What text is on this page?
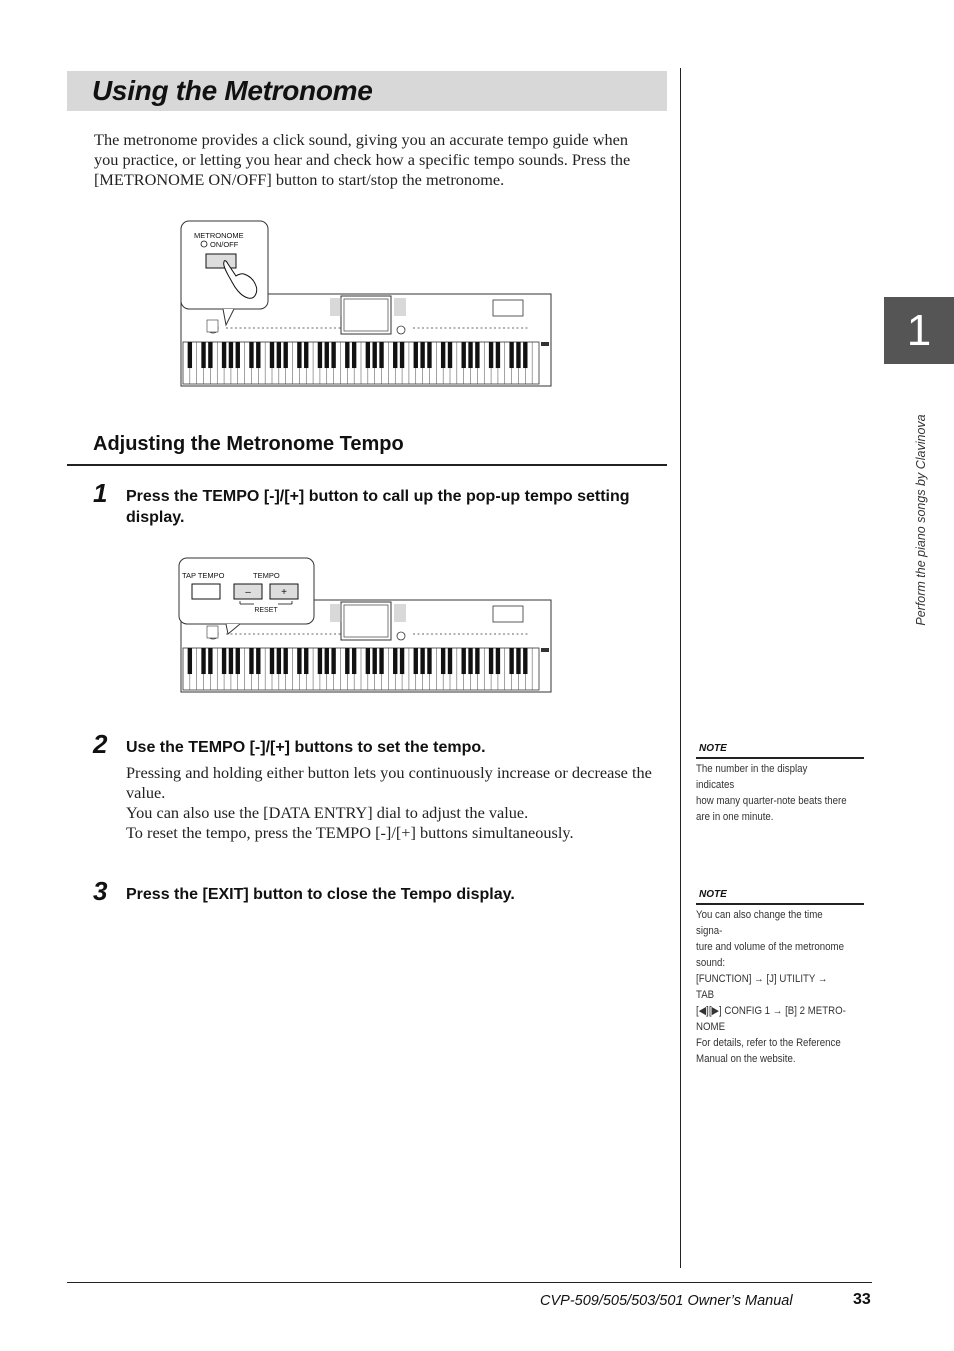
Using the Metronome
The metronome provides a click sound, giving you an accurate tempo guide when you practice, or letting you hear and check how a specific tempo sounds. Press the [METRONOME ON/OFF] button to start/stop the metronome.
METRONOME
ON/OFF
Adjusting the Metronome Tempo
1 Press the TEMPO [-]/[+] button to call up the pop-up tempo setting display.
TAP TEMPO	TEMPO
–	+
RESET
2 Use the TEMPO [-]/[+] buttons to set the tempo.
Pressing and holding either button lets you continuously increase or decrease the value.
You can also use the [DATA ENTRY] dial to adjust the value.
To reset the tempo, press the TEMPO [-]/[+] buttons simultaneously.
3 Press the [EXIT] button to close the Tempo display.
1
Perform the piano songs by Clavinova
NOTE
The number in the display indicates
how many quarter-note beats there
are in one minute.
NOTE
You can also change the time signa-
ture and volume of the metronome
sound:
[FUNCTION] → [J] UTILITY → TAB
[◀][▶] CONFIG 1 → [B] 2 METRO-
NOME
For details, refer to the Reference
Manual on the website.
CVP-509/505/503/501 Owner’s Manual	33
